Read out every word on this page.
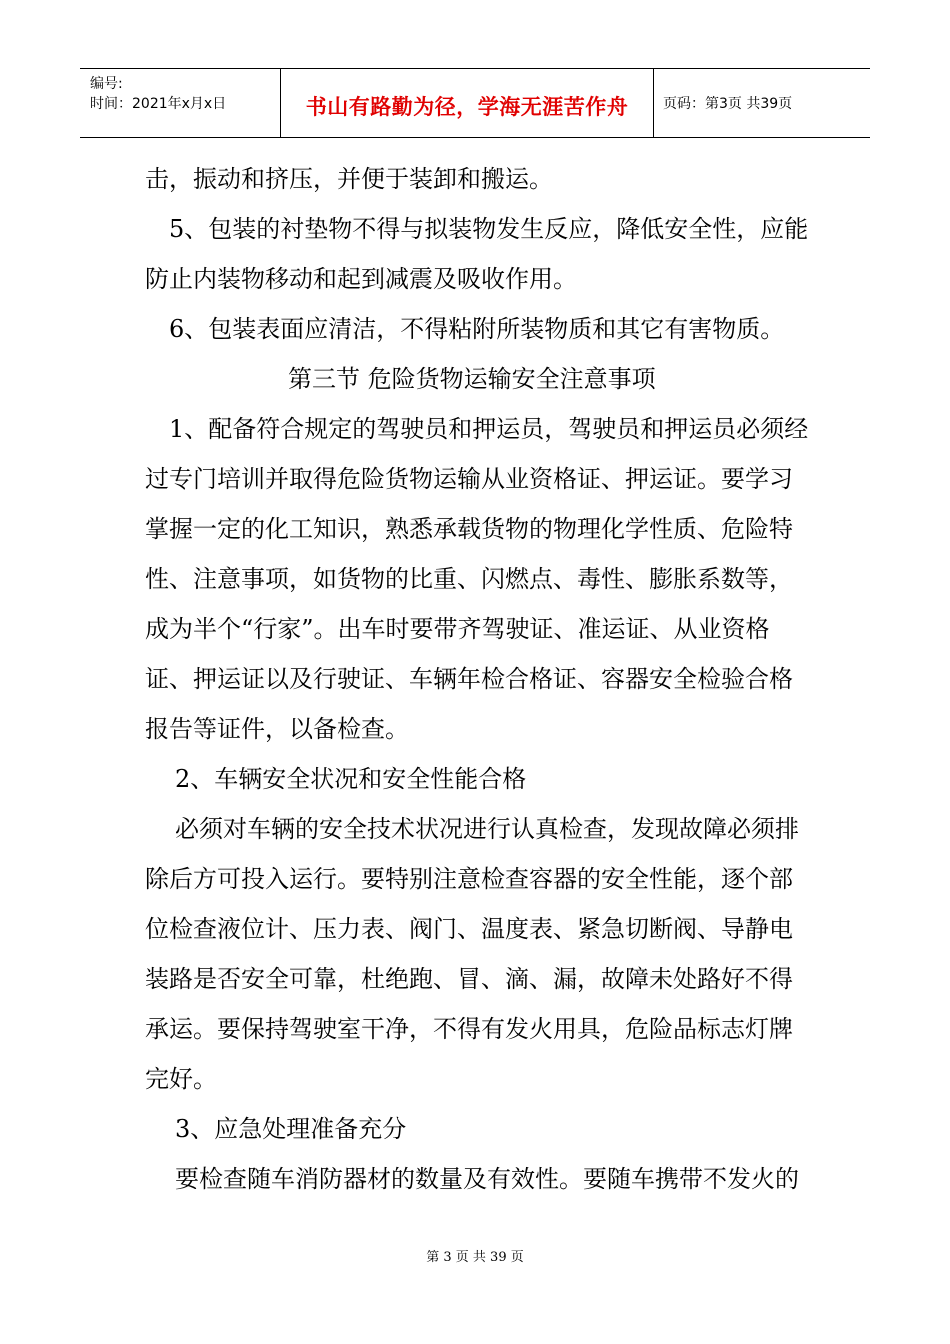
编号:
时间：2021年x月x日	书山有路勤为径，学海无涯苦作舟	页码：第3页 共39页
击，振动和挤压，并便于装卸和搬运。
5、包装的衬垫物不得与拟装物发生反应，降低安全性，应能
防止内装物移动和起到减震及吸收作用。
6、包装表面应清洁，不得粘附所装物质和其它有害物质。
第三节 危险货物运输安全注意事项
1、配备符合规定的驾驶员和押运员，驾驶员和押运员必须经
过专门培训并取得危险货物运输从业资格证、押运证。要学习
掌握一定的化工知识，熟悉承载货物的物理化学性质、危险特
性、注意事项，如货物的比重、闪燃点、毒性、膨胀系数等，
成为半个“行家”。出车时要带齐驾驶证、准运证、从业资格
证、押运证以及行驶证、车辆年检合格证、容器安全检验合格
报告等证件，以备检查。
2、车辆安全状况和安全性能合格
必须对车辆的安全技术状况进行认真检查，发现故障必须排
除后方可投入运行。要特别注意检查容器的安全性能，逐个部
位检查液位计、压力表、阀门、温度表、紧急切断阀、导静电
装路是否安全可靠，杜绝跑、冒、滴、漏，故障未处路好不得
承运。要保持驾驶室干净，不得有发火用具，危险品标志灯牌
完好。
3、应急处理准备充分
要检查随车消防器材的数量及有效性。要随车携带不发火的
第 3 页 共 39 页
